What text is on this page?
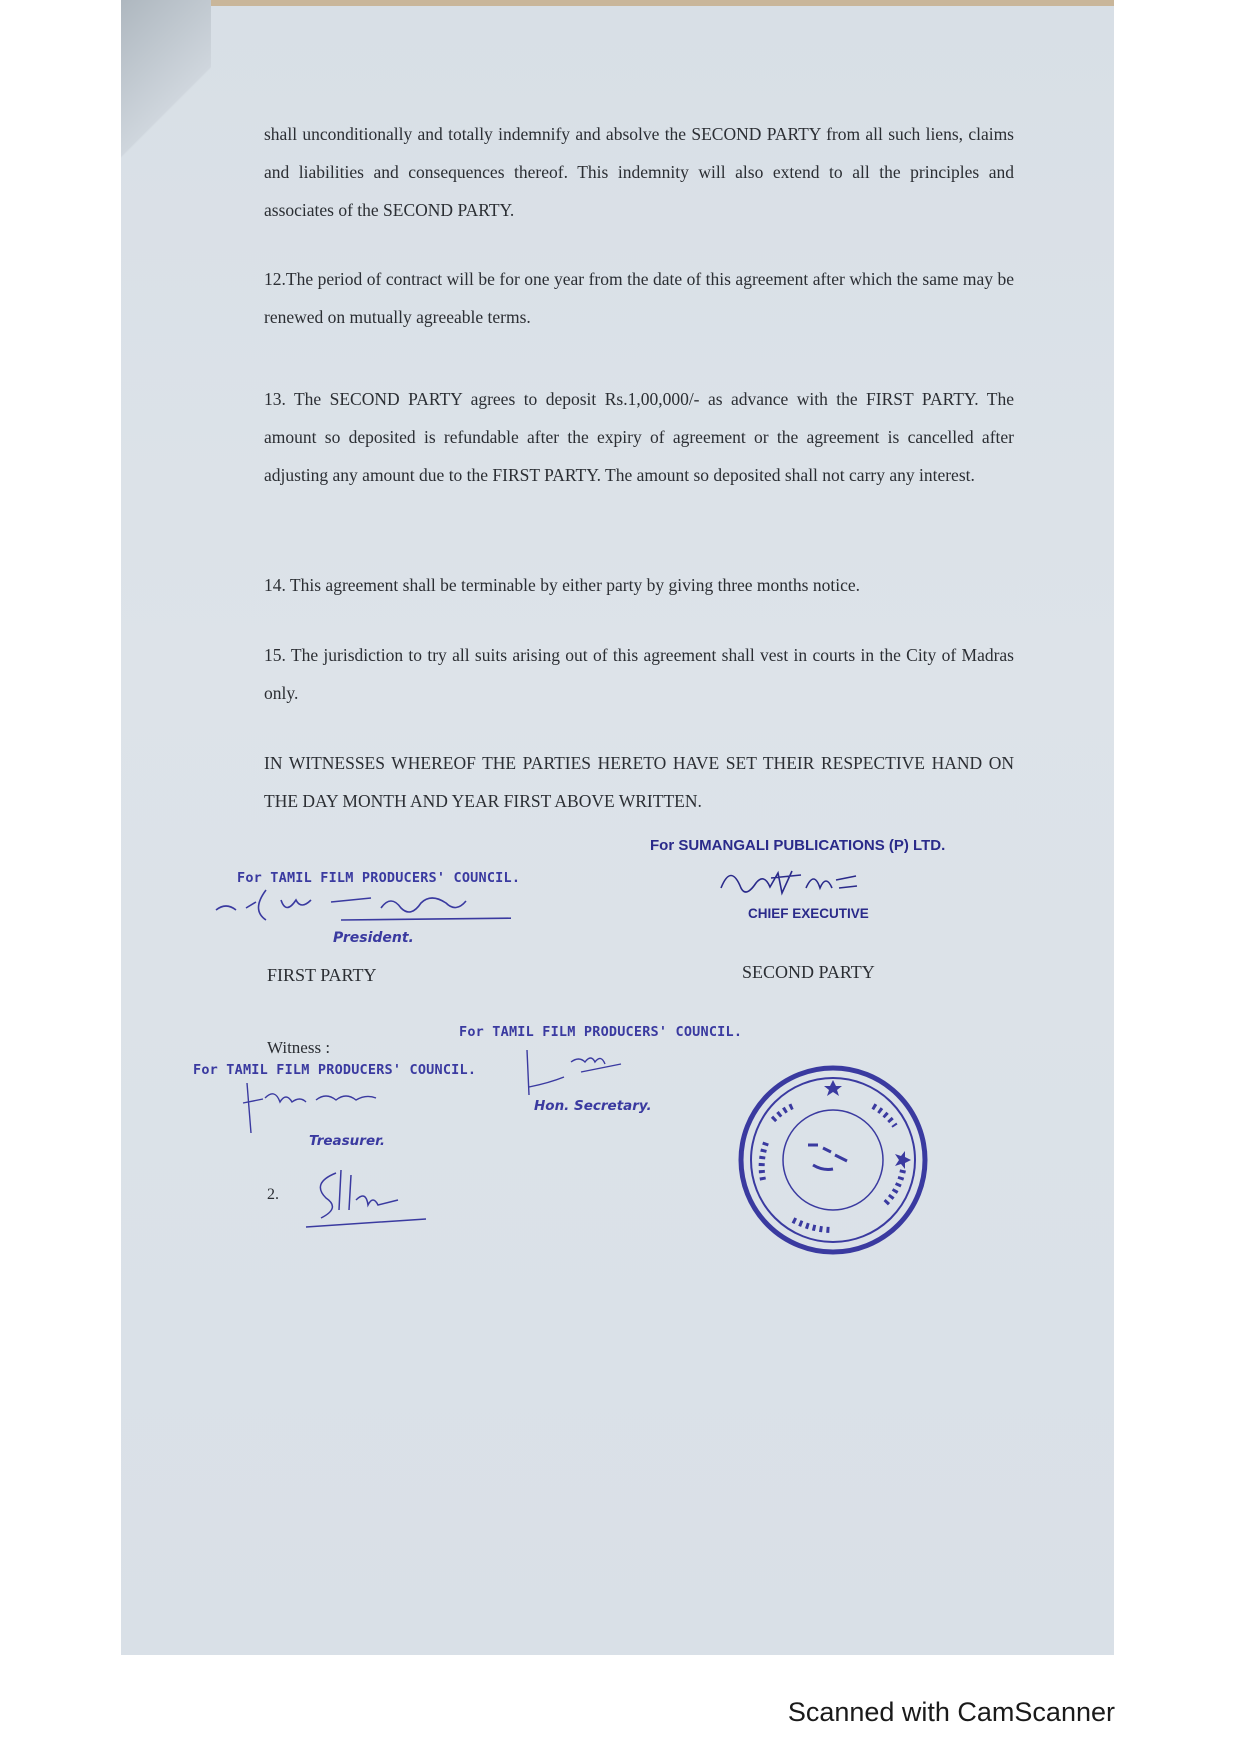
shall unconditionally and totally indemnify and absolve the SECOND PARTY from all such liens, claims and liabilities and consequences thereof. This indemnity will also extend to all the principles and associates of the SECOND PARTY.

12.The period of contract will be for one year from the date of this agreement after which the same may be renewed on mutually agreeable terms.

13. The SECOND PARTY agrees to deposit Rs.1,00,000/- as advance with the FIRST PARTY. The amount so deposited is refundable after the expiry of agreement or the agreement is cancelled after adjusting any amount due to the FIRST PARTY. The amount so deposited shall not carry any interest.

14. This agreement shall be terminable by either party by giving three months notice.

15. The jurisdiction to try all suits arising out of this agreement shall vest in courts in the City of Madras only.

IN WITNESSES WHEREOF THE PARTIES HERETO HAVE SET THEIR RESPECTIVE HAND ON THE DAY MONTH AND YEAR FIRST ABOVE WRITTEN.

For TAMIL FILM PRODUCERS' COUNCIL.
President.
FIRST PARTY
For SUMANGALI PUBLICATIONS (P) LTD.
CHIEF EXECUTIVE
SECOND PARTY
Witness :
For TAMIL FILM PRODUCERS' COUNCIL.
Hon. Secretary.
For TAMIL FILM PRODUCERS' COUNCIL.
Treasurer.
2.
Scanned with CamScanner
